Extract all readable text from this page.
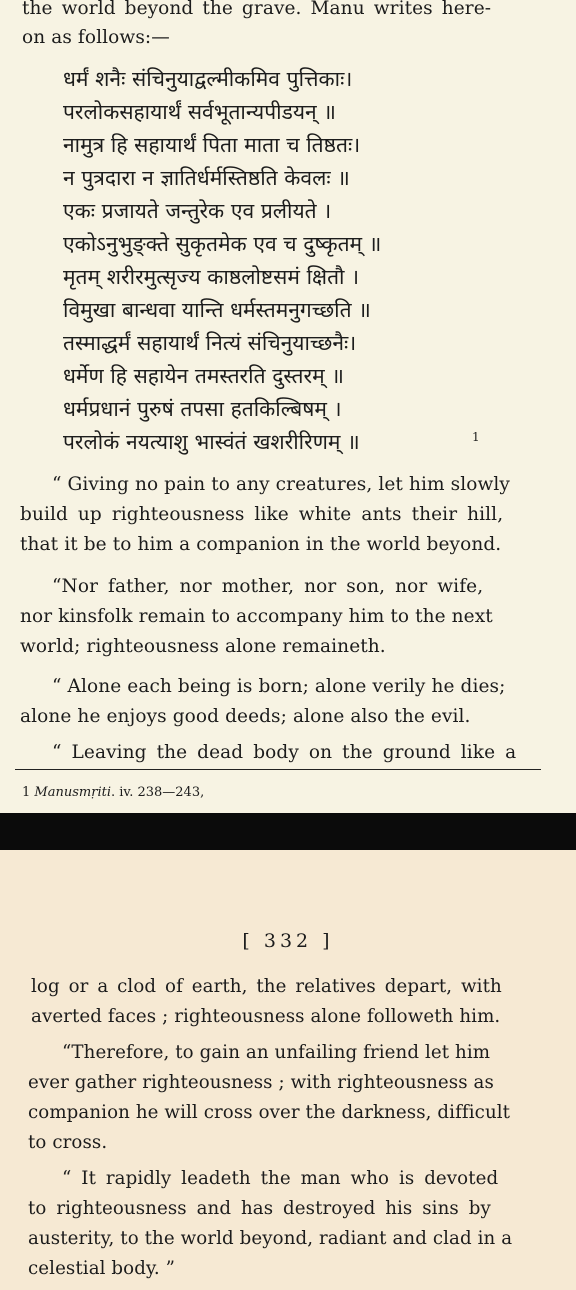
the world beyond the grave. Manu writes here-
on as follows:—
धर्मं शनैः संचिनुयाद्वल्मीकमिव पुत्तिकाः।
परलोकसहायार्थं सर्वभूतान्यपीडयन् ॥
नामुत्र हि सहायार्थं पिता माता च तिष्ठतः।
न पुत्रदारा न ज्ञातिर्धर्मस्तिष्ठति केवलः ॥
एकः प्रजायते जन्तुरेक एव प्रलीयते ।
एकोऽनुभुङ्क्ते सुकृतमेक एव च दुष्कृतम् ॥
मृतम् शरीरमुत्सृज्य काष्ठलोष्टसमं क्षितौ ।
विमुखा बान्धवा यान्ति धर्मस्तमनुगच्छति ॥
तस्माद्धर्मं सहायार्थं नित्यं संचिनुयाच्छनैः।
धर्मेण हि सहायेन तमस्तरति दुस्तरम् ॥
धर्मप्रधानं पुरुषं तपसा हतकिल्बिषम् ।
परलोकं नयत्याशु भास्वंतं खशरीरिणम् ॥	1
“ Giving no pain to any creatures, let him slowly
build up righteousness like white ants their hill,
that it be to him a companion in the world beyond.
“Nor father, nor mother, nor son, nor wife,
nor kinsfolk remain to accompany him to the next
world; righteousness alone remaineth.
“ Alone each being is born; alone verily he dies;
alone he enjoys good deeds; alone also the evil.
“ Leaving the dead body on the ground like a
1 Manusmṛiti. iv. 238—243,
[ 332 ]
log or a clod of earth, the relatives depart, with
averted faces ; righteousness alone followeth him.
“Therefore, to gain an unfailing friend let him
ever gather righteousness ; with righteousness as
companion he will cross over the darkness, difficult
to cross.
“ It rapidly leadeth the man who is devoted
to righteousness and has destroyed his sins by
austerity, to the world beyond, radiant and clad in a
celestial body. ”
